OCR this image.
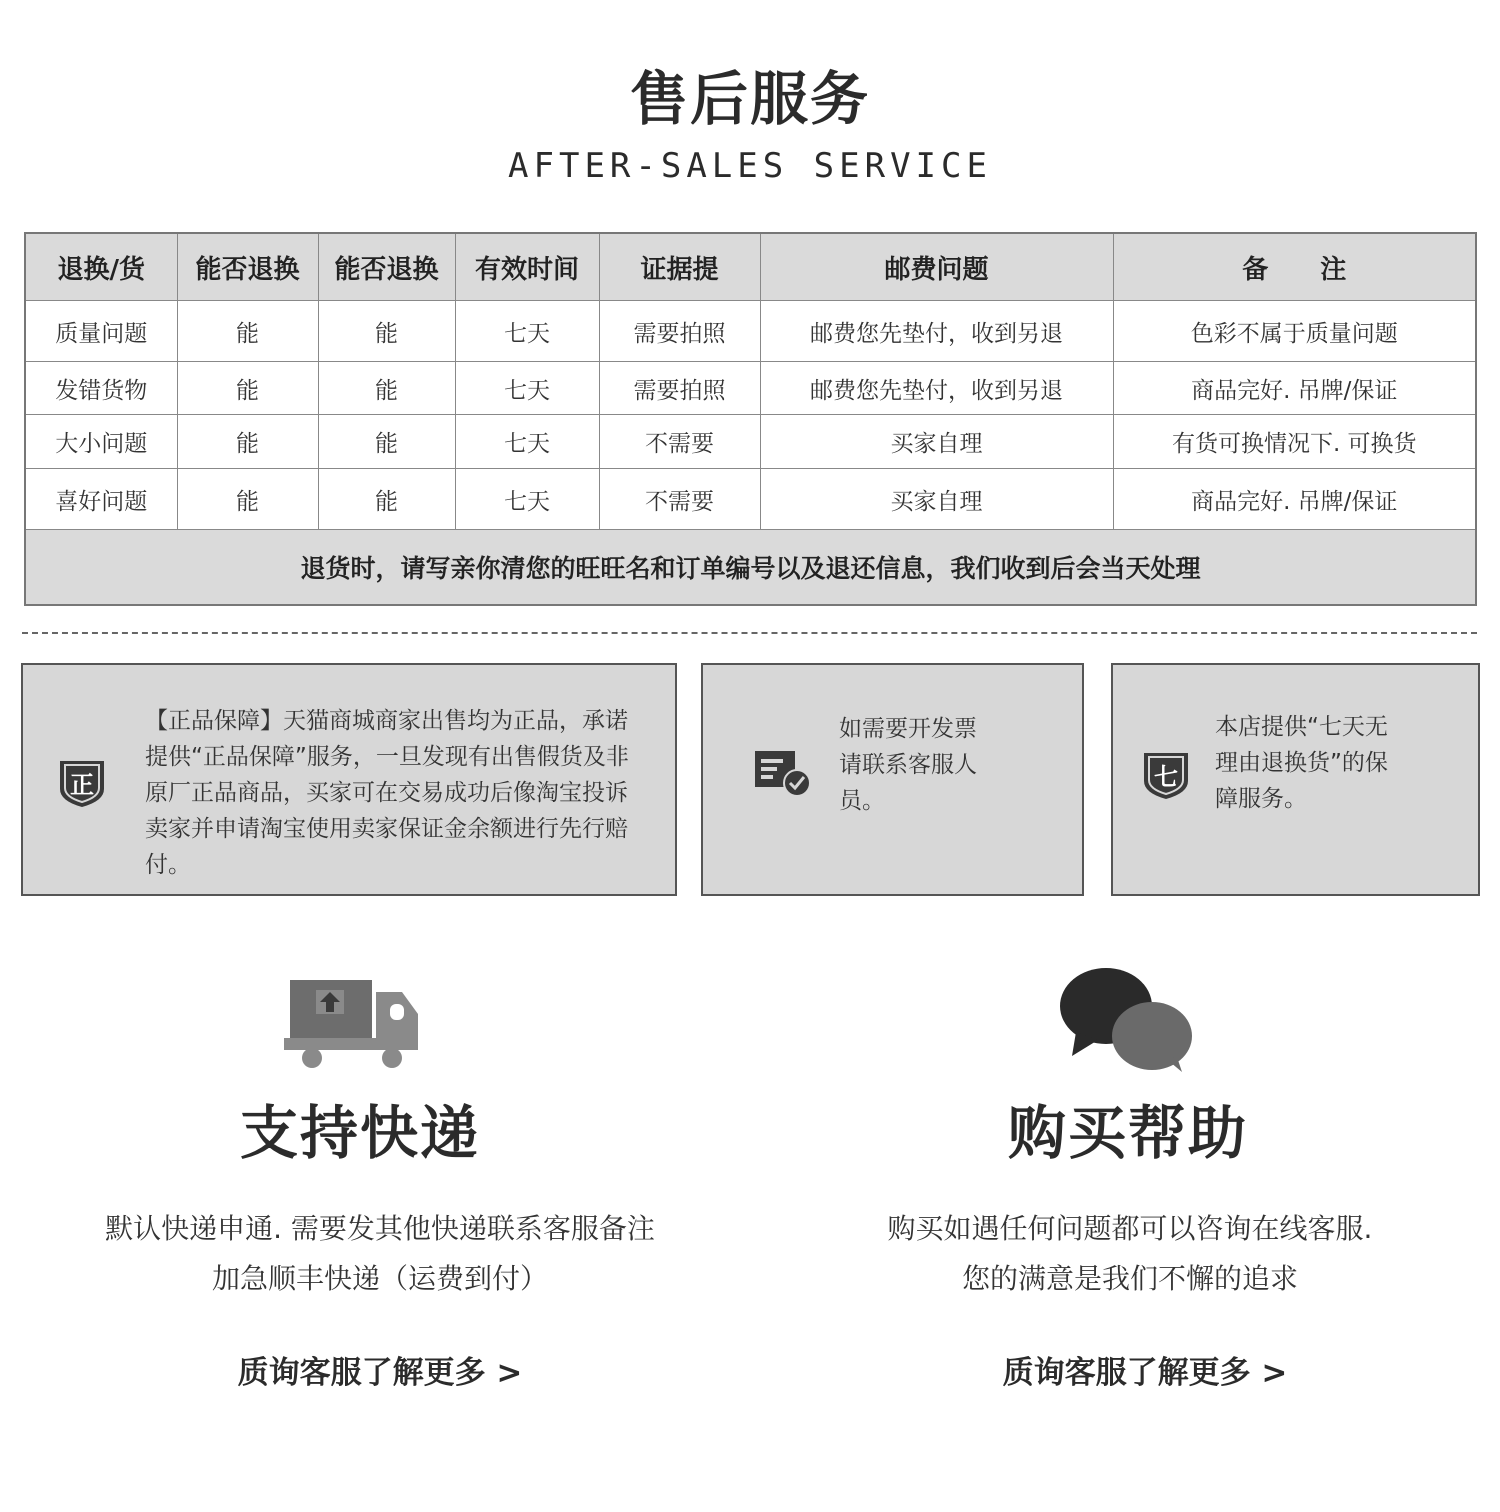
售后服务
AFTER-SALES SERVICE
退换/货	能否退换	能否退换	有效时间	证据提	邮费问题	备　　注
质量问题	能	能	七天	需要拍照	邮费您先垫付，收到另退	色彩不属于质量问题
发错货物	能	能	七天	需要拍照	邮费您先垫付，收到另退	商品完好. 吊牌/保证
大小问题	能	能	七天	不需要	买家自理	有货可换情况下. 可换货
喜好问题	能	能	七天	不需要	买家自理	商品完好. 吊牌/保证
退货时，请写亲你清您的旺旺名和订单编号以及退还信息，我们收到后会当天处理						
正
【正品保障】天猫商城商家出售均为正品，承诺
提供“正品保障”服务，一旦发现有出售假货及非
原厂正品商品，买家可在交易成功后像淘宝投诉
卖家并申请淘宝使用卖家保证金余额进行先行赔
付。
如需要开发票
请联系客服人
员。
七
本店提供“七天无
理由退换货”的保
障服务。
支持快递
默认快递申通. 需要发其他快递联系客服备注
加急顺丰快递（运费到付）
质询客服了解更多 >
购买帮助
购买如遇任何问题都可以咨询在线客服.
您的满意是我们不懈的追求
质询客服了解更多 >
